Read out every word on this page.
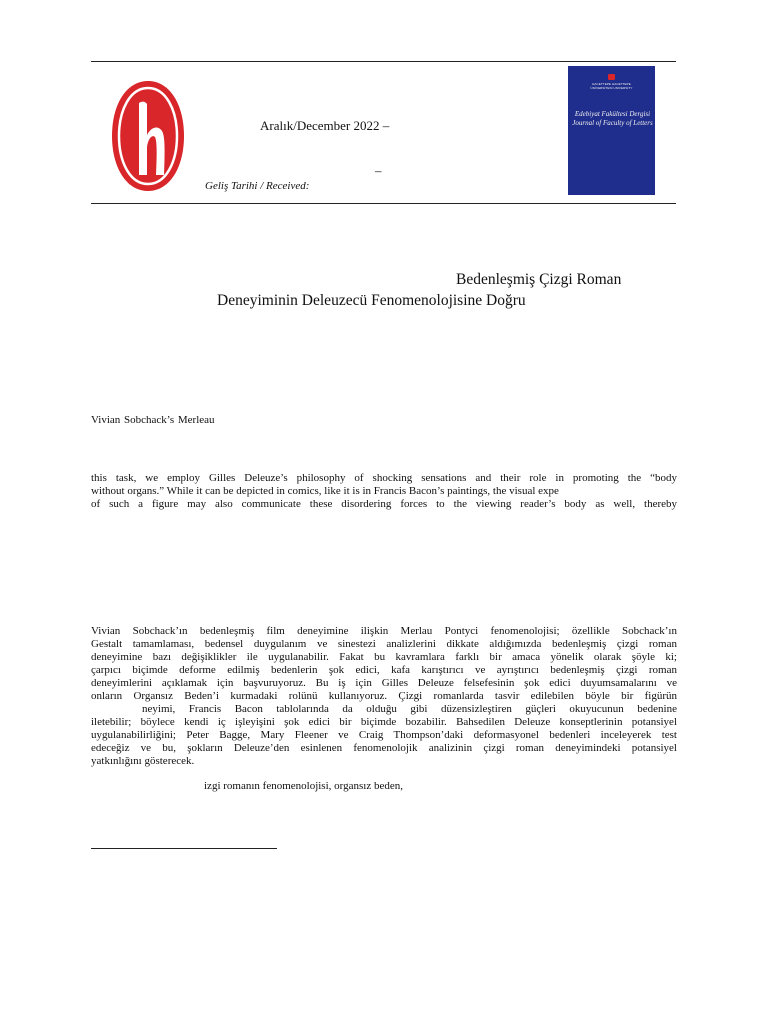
Aralık/December 2022 –
–
Geliş Tarihi / Received:
HACETTEPE HACETTEPE
ÜNİVERSİTESİ UNIVERSITY
Edebiyat Fakültesi Dergisi
Journal of Faculty of Letters
Bedenleşmiş Çizgi Roman
Deneyiminin Deleuzecü Fenomenolojisine Doğru
Vivian Sobchack’s Merleau
this task, we employ Gilles Deleuze’s philosophy of shocking sensations and their role in promoting the “body
without organs.” While it can be depicted in comics, like it is in Francis Bacon’s paintings, the visual expe
of such a figure may also communicate these disordering forces to the viewing reader’s body as well, thereby
Vivian Sobchack’ın bedenleşmiş film deneyimine ilişkin Merlau Pontyci fenomenolojisi; özellikle Sobchack’ın
Gestalt tamamlaması, bedensel duygulanım ve sinestezi analizlerini dikkate aldığımızda bedenleşmiş çizgi roman
deneyimine bazı değişiklikler ile uygulanabilir. Fakat bu kavramlara farklı bir amaca yönelik olarak şöyle ki;
çarpıcı biçimde deforme edilmiş bedenlerin şok edici, kafa karıştırıcı ve ayrıştırıcı bedenleşmiş çizgi roman
deneyimlerini açıklamak için başvuruyoruz. Bu iş için Gilles Deleuze felsefesinin şok edici duyumsamalarını ve
onların Organsız Beden’i kurmadaki rolünü kullanıyoruz. Çizgi romanlarda tasvir edilebilen böyle bir figürün
neyimi, Francis Bacon tablolarında da olduğu gibi düzensizleştiren güçleri okuyucunun bedenine
iletebilir; böylece kendi iç işleyişini şok edici bir biçimde bozabilir. Bahsedilen Deleuze konseptlerinin potansiyel
uygulanabilirliğini; Peter Bagge, Mary Fleener ve Craig Thompson’daki deformasyonel bedenleri inceleyerek test
edeceğiz ve bu, şokların Deleuze’den esinlenen fenomenolojik analizinin çizgi roman deneyimindeki potansiyel
yatkınlığını gösterecek.
izgi romanın fenomenolojisi, organsız beden,
